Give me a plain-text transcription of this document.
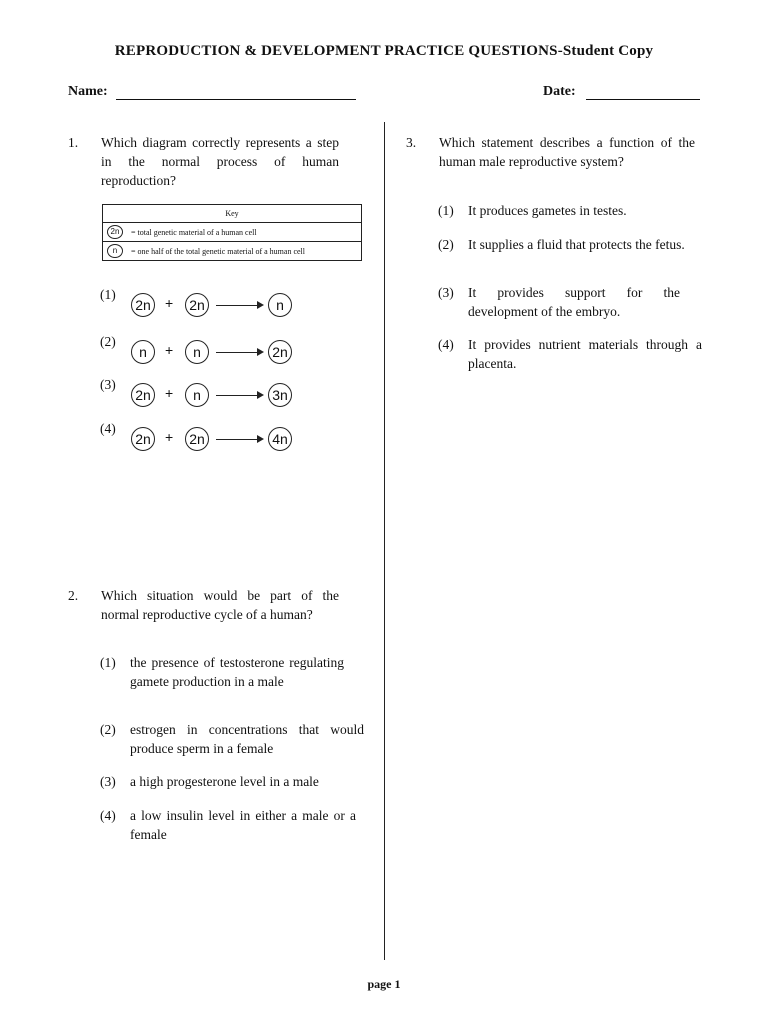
REPRODUCTION & DEVELOPMENT PRACTICE QUESTIONS-Student Copy
Name:	Date:
1. Which diagram correctly represents a step in the normal process of human reproduction?
Key
2n	= total genetic material of a human cell
n	= one half of the total genetic material of a human cell
(1)
2n	+	2n	n
(2)
n	+	n	2n
(3)
2n	+	n	3n
(4)
2n	+	2n	4n
2. Which situation would be part of the normal reproductive cycle of a human?
(1) the presence of testosterone regulating gamete production in a male
(2) estrogen in concentrations that would produce sperm in a female
(3) a high progesterone level in a male
(4) a low insulin level in either a male or a female
3. Which statement describes a function of the human male reproductive system?
(1) It produces gametes in testes.
(2) It supplies a fluid that protects the fetus.
(3) It provides support for the development of the embryo.
(4) It provides nutrient materials through a placenta.
page 1
